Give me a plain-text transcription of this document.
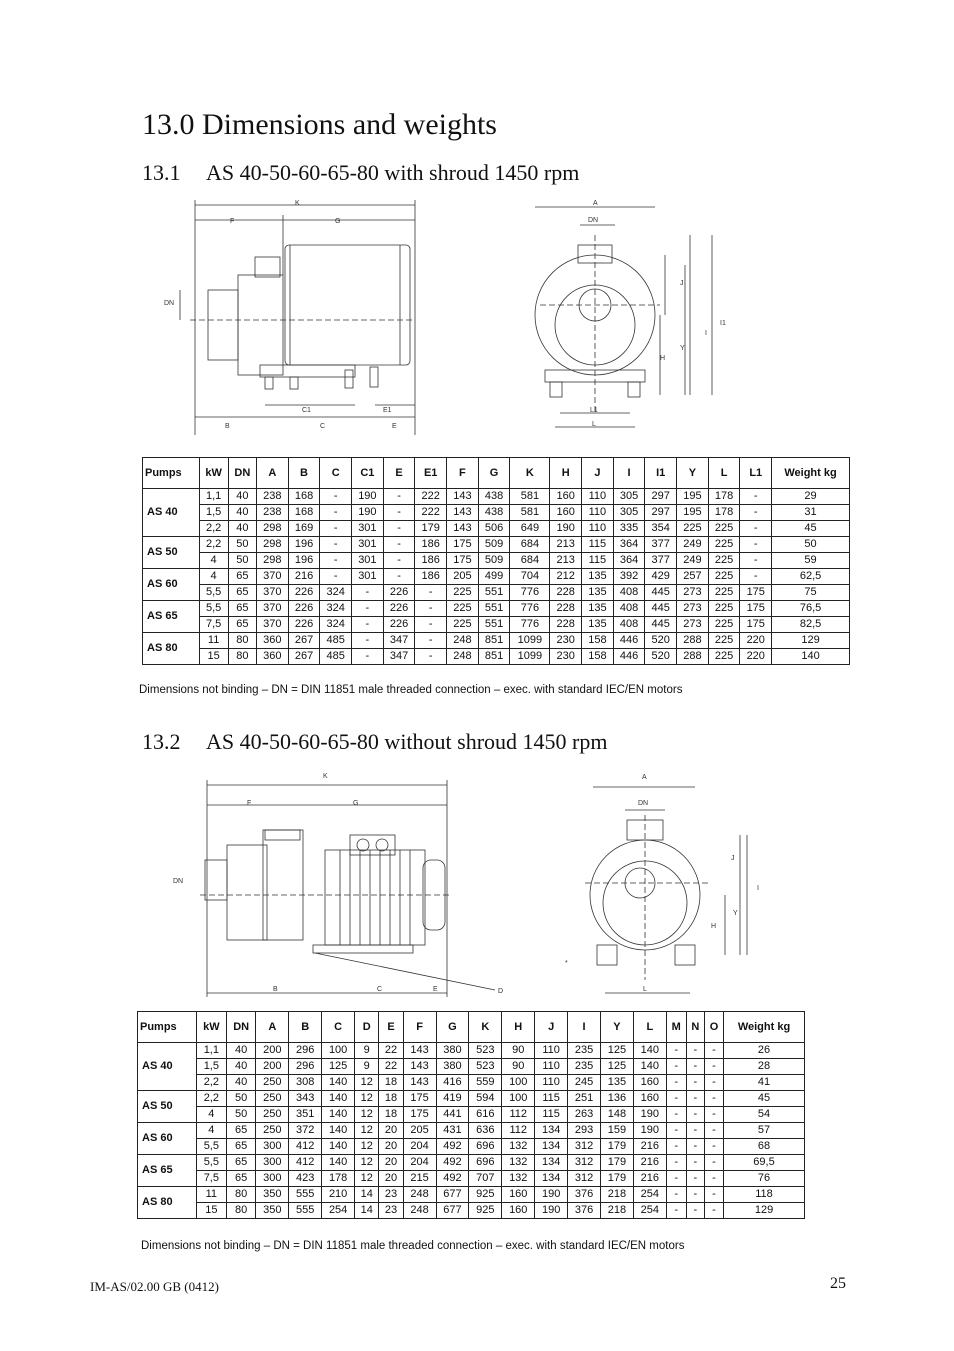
13.0 Dimensions and weights
13.1 AS 40-50-60-65-80 with shroud 1450 rpm
K
F	G
DN
C1	E1
B	C	E
A
DN
J
I
I1
H
Y
L1
L
Pumps	kW	DN	A	B	C	C1	E	E1	F	G	K	H	J	I	I1	Y	L	L1	Weight kg
AS 40	1,1	40	238	168	-	190	-	222	143	438	581	160	110	305	297	195	178	-	29
	1,5	40	238	168	-	190	-	222	143	438	581	160	110	305	297	195	178	-	31
	2,2	40	298	169	-	301	-	179	143	506	649	190	110	335	354	225	225	-	45
AS 50	2,2	50	298	196	-	301	-	186	175	509	684	213	115	364	377	249	225	-	50
	4	50	298	196	-	301	-	186	175	509	684	213	115	364	377	249	225	-	59
AS 60	4	65	370	216	-	301	-	186	205	499	704	212	135	392	429	257	225	-	62,5
	5,5	65	370	226	324	-	226	-	225	551	776	228	135	408	445	273	225	175	75
AS 65	5,5	65	370	226	324	-	226	-	225	551	776	228	135	408	445	273	225	175	76,5
	7,5	65	370	226	324	-	226	-	225	551	776	228	135	408	445	273	225	175	82,5
AS 80	11	80	360	267	485	-	347	-	248	851	1099	230	158	446	520	288	225	220	129
	15	80	360	267	485	-	347	-	248	851	1099	230	158	446	520	288	225	220	140
Dimensions not binding – DN = DIN 11851 male threaded connection – exec. with standard IEC/EN motors
13.2 AS 40-50-60-65-80 without shroud 1450 rpm
K
F	G
DN
B	C	E	D
A
DN
J
I
Y
H
L
*
Pumps	kW	DN	A	B	C	D	E	F	G	K	H	J	I	Y	L	M	N	O	Weight kg
AS 40	1,1	40	200	296	100	9	22	143	380	523	90	110	235	125	140	-	-	-	26
	1,5	40	200	296	125	9	22	143	380	523	90	110	235	125	140	-	-	-	28
	2,2	40	250	308	140	12	18	143	416	559	100	110	245	135	160	-	-	-	41
AS 50	2,2	50	250	343	140	12	18	175	419	594	100	115	251	136	160	-	-	-	45
	4	50	250	351	140	12	18	175	441	616	112	115	263	148	190	-	-	-	54
AS 60	4	65	250	372	140	12	20	205	431	636	112	134	293	159	190	-	-	-	57
	5,5	65	300	412	140	12	20	204	492	696	132	134	312	179	216	-	-	-	68
AS 65	5,5	65	300	412	140	12	20	204	492	696	132	134	312	179	216	-	-	-	69,5
	7,5	65	300	423	178	12	20	215	492	707	132	134	312	179	216	-	-	-	76
AS 80	11	80	350	555	210	14	23	248	677	925	160	190	376	218	254	-	-	-	118
	15	80	350	555	254	14	23	248	677	925	160	190	376	218	254	-	-	-	129
Dimensions not binding – DN = DIN 11851 male threaded connection – exec. with standard IEC/EN motors
IM-AS/02.00 GB (0412)	25
